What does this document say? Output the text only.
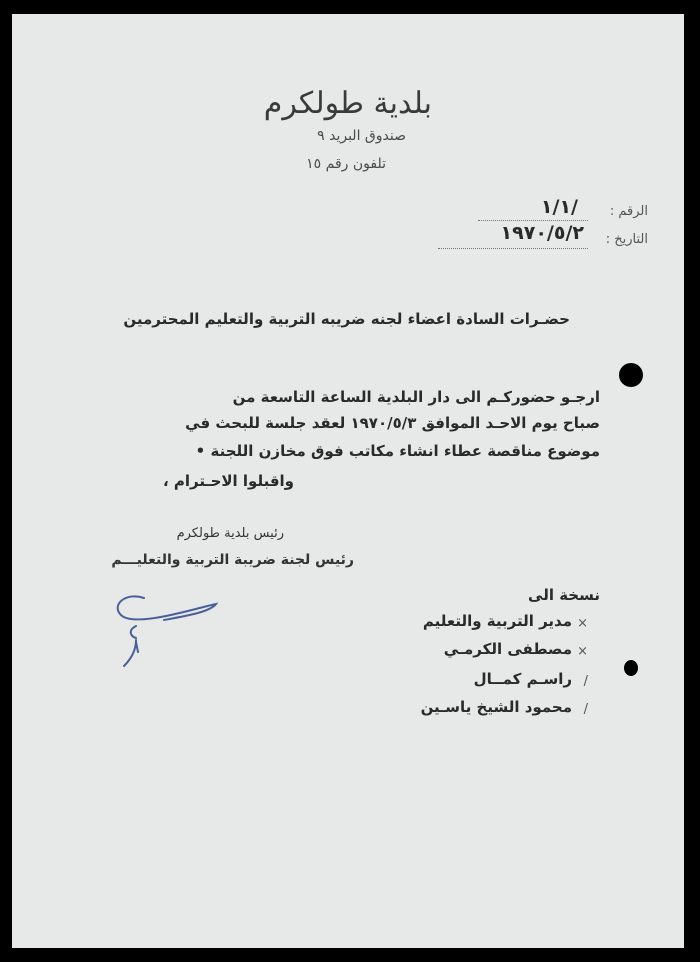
بلدية طولكرم
صندوق البريد ٩
تلفون رقم ١٥
الرقم :
١/١/
التاريخ :
١٩٧٠/٥/٢
حضـرات السادة اعضاء لجنه ضريبه التربية والتعليم المحترمين
ارجـو حضوركـم الى دار البلدية الساعة التاسعة من
صباح يوم الاحـد الموافق ١٩٧٠/٥/٣ لعقد جلسة للبحث في
موضوع مناقصة عطاء انشاء مكاتب فوق مخازن اللجنة •
واقبلوا الاحـترام ،
رئيس بلدية طولكرم
رئيس لجنة ضريبة التربية والتعليـــم
نسخة الى
×
مدير التربية والتعليم
×
مصطفى الكرمـي
/
راسـم كمــال
/
محمود الشيخ ياسـين
